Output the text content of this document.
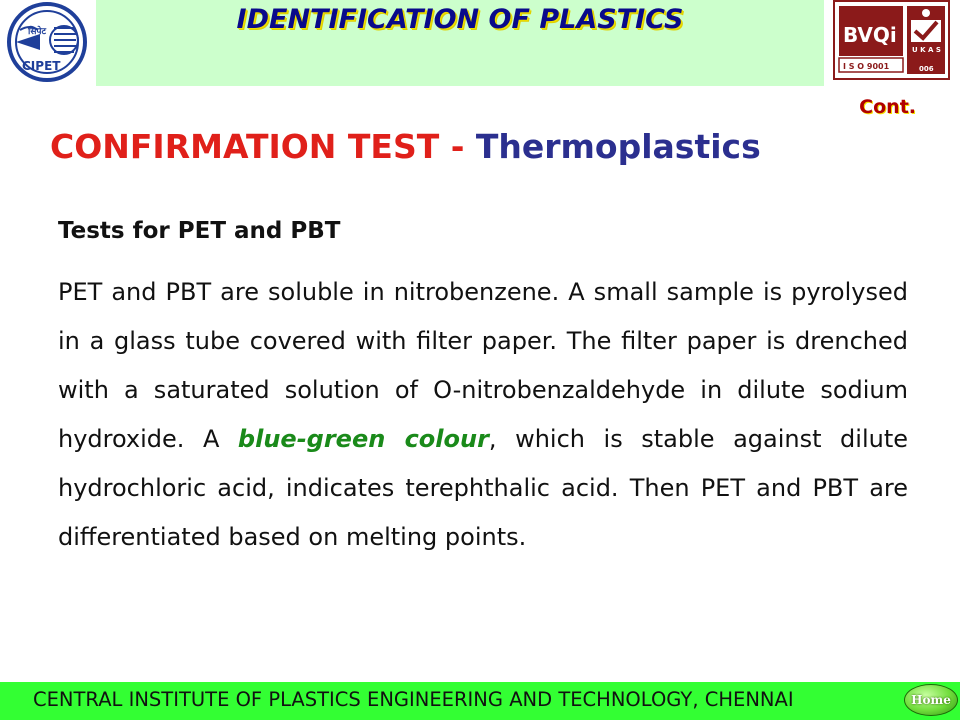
सिपेट
CIPET
IDENTIFICATION OF PLASTICS	BVQi
I S O 9001
U K A S
006
Cont.
CONFIRMATION TEST - Thermoplastics
Tests for PET and PBT
PET and PBT are soluble in nitrobenzene. A small sample is pyrolysed in a glass tube covered with filter paper. The filter paper is drenched with a saturated solution of O-nitrobenzaldehyde in dilute sodium hydroxide. A blue-green colour, which is stable against dilute hydrochloric acid, indicates terephthalic acid. Then PET and PBT are differentiated based on melting points.
CENTRAL INSTITUTE OF PLASTICS ENGINEERING AND TECHNOLOGY, CHENNAI	Home
